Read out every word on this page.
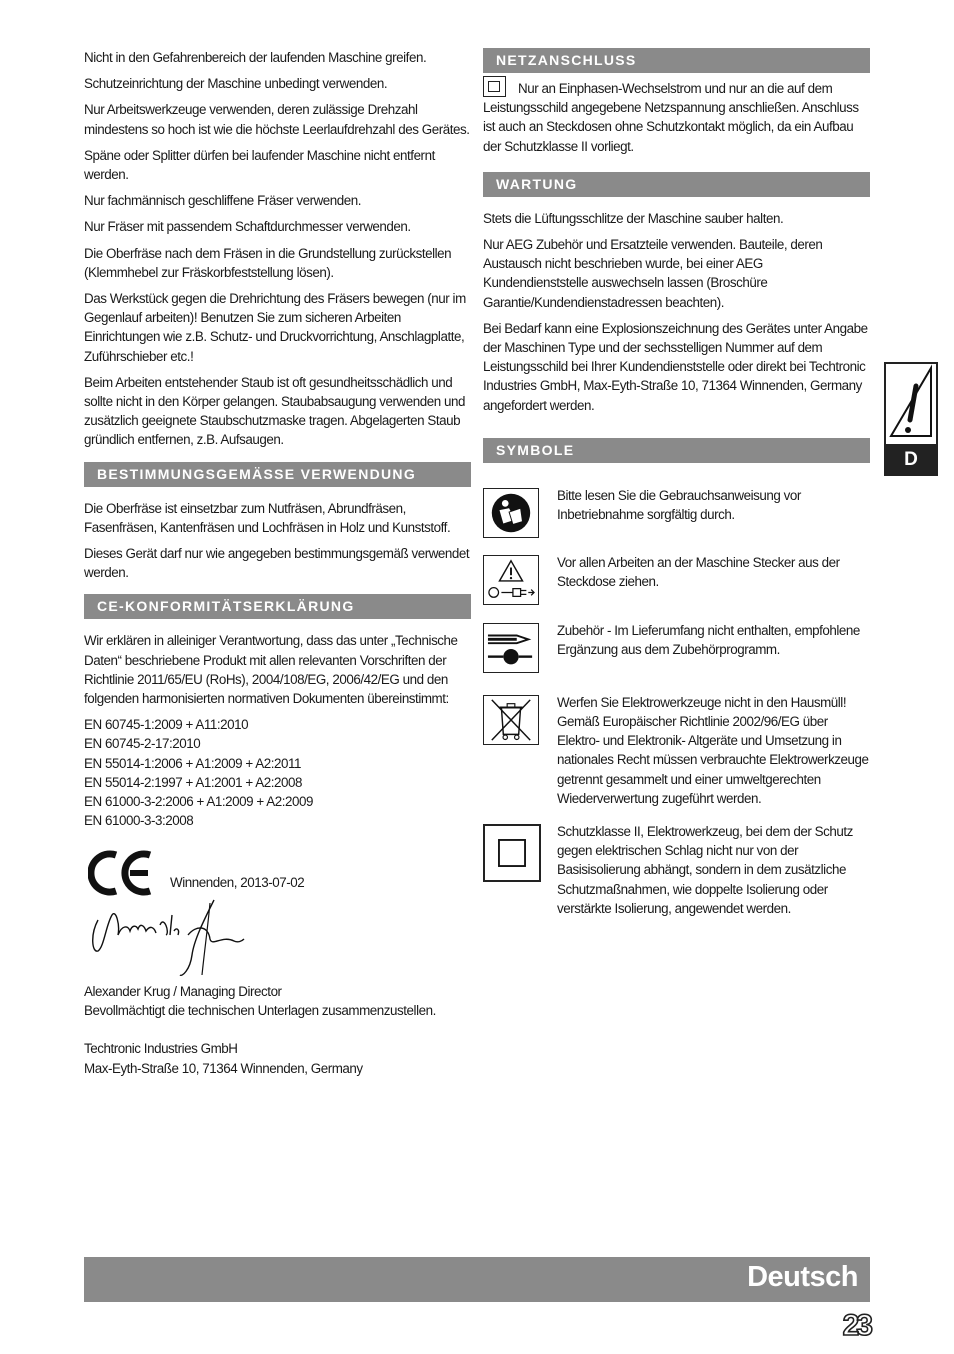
Nicht in den Gefahrenbereich der laufenden Maschine greifen.

Schutzeinrichtung der Maschine unbedingt verwenden.

Nur Arbeitswerkzeuge verwenden, deren zulässige Drehzahl mindestens so hoch ist wie die höchste Leerlaufdrehzahl des Gerätes.

Späne oder Splitter dürfen bei laufender Maschine nicht entfernt werden.

Nur fachmännisch geschliffene Fräser verwenden.

Nur Fräser mit passendem Schaftdurchmesser verwenden.

Die Oberfräse nach dem Fräsen in die Grundstellung zurückstellen (Klemmhebel zur Fräskorbfeststellung lösen).

Das Werkstück gegen die Drehrichtung des Fräsers bewegen (nur im Gegenlauf arbeiten)! Benutzen Sie zum sicheren Arbeiten Einrichtungen wie z.B. Schutz- und Druckvorrichtung, Anschlagplatte, Zuführschieber etc.!

Beim Arbeiten entstehender Staub ist oft gesundheitsschädlich und sollte nicht in den Körper gelangen. Staubabsaugung verwenden und zusätzlich geeignete Staubschutzmaske tragen. Abgelagerten Staub gründlich entfernen, z.B. Aufsaugen.

BESTIMMUNGSGEMÄSSE VERWENDUNG

Die Oberfräse ist einsetzbar zum Nutfräsen, Abrundfräsen, Fasenfräsen, Kantenfräsen und Lochfräsen in Holz und Kunststoff.

Dieses Gerät darf nur wie angegeben bestimmungsgemäß verwendet werden.

CE-KONFORMITÄTSERKLÄRUNG

Wir erklären in alleiniger Verantwortung, dass das unter „Technische Daten“ beschriebene Produkt mit allen relevanten Vorschriften der Richtlinie 2011/65/EU (RoHs), 2004/108/EG, 2006/42/EG und den folgenden harmonisierten normativen Dokumenten übereinstimmt:

EN 60745-1:2009 + A11:2010

EN 60745-2-17:2010

EN 55014-1:2006 + A1:2009 + A2:2011

EN 55014-2:1997 + A1:2001 + A2:2008

EN 61000-3-2:2006 + A1:2009 + A2:2009

EN 61000-3-3:2008

Winnenden, 2013-07-02

Alexander Krug / Managing Director

Bevollmächtigt die technischen Unterlagen zusammenzustellen.

Techtronic Industries GmbH

Max-Eyth-Straße 10, 71364 Winnenden, Germany

NETZANSCHLUSS

Nur an Einphasen-Wechselstrom und nur an die auf dem Leistungsschild angegebene Netzspannung anschließen. Anschluss ist auch an Steckdosen ohne Schutzkontakt möglich, da ein Aufbau der Schutzklasse II vorliegt.

WARTUNG

Stets die Lüftungsschlitze der Maschine sauber halten.

Nur AEG Zubehör und Ersatzteile verwenden. Bauteile, deren Austausch nicht beschrieben wurde, bei einer AEG Kundendienststelle auswechseln lassen (Broschüre Garantie/Kundendienstadressen beachten).

Bei Bedarf kann eine Explosionszeichnung des Gerätes unter Angabe der Maschinen Type und der sechsstelligen Nummer auf dem Leistungsschild bei Ihrer Kundendienststelle oder direkt bei Techtronic Industries GmbH, Max-Eyth-Straße 10, 71364 Winnenden, Germany angefordert werden.

SYMBOLE

Bitte lesen Sie die Gebrauchsanweisung vor Inbetriebnahme sorgfältig durch.

Vor allen Arbeiten an der Maschine Stecker aus der Steckdose ziehen.

Zubehör - Im Lieferumfang nicht enthalten, empfohlene Ergänzung aus dem Zubehörprogramm.

Werfen Sie Elektrowerkzeuge nicht in den Hausmüll! Gemäß Europäischer Richtlinie 2002/96/EG über Elektro- und Elektronik- Altgeräte und Umsetzung in nationales Recht müssen verbrauchte Elektrowerkzeuge getrennt gesammelt und einer umweltgerechten Wiederverwertung zugeführt werden.

Schutzklasse II, Elektrowerkzeug, bei dem der Schutz gegen elektrischen Schlag nicht nur von der Basisisolierung abhängt, sondern in dem zusätzliche Schutzmaßnahmen, wie doppelte Isolierung oder verstärkte Isolierung, angewendet werden.

D
Deutsch
23
